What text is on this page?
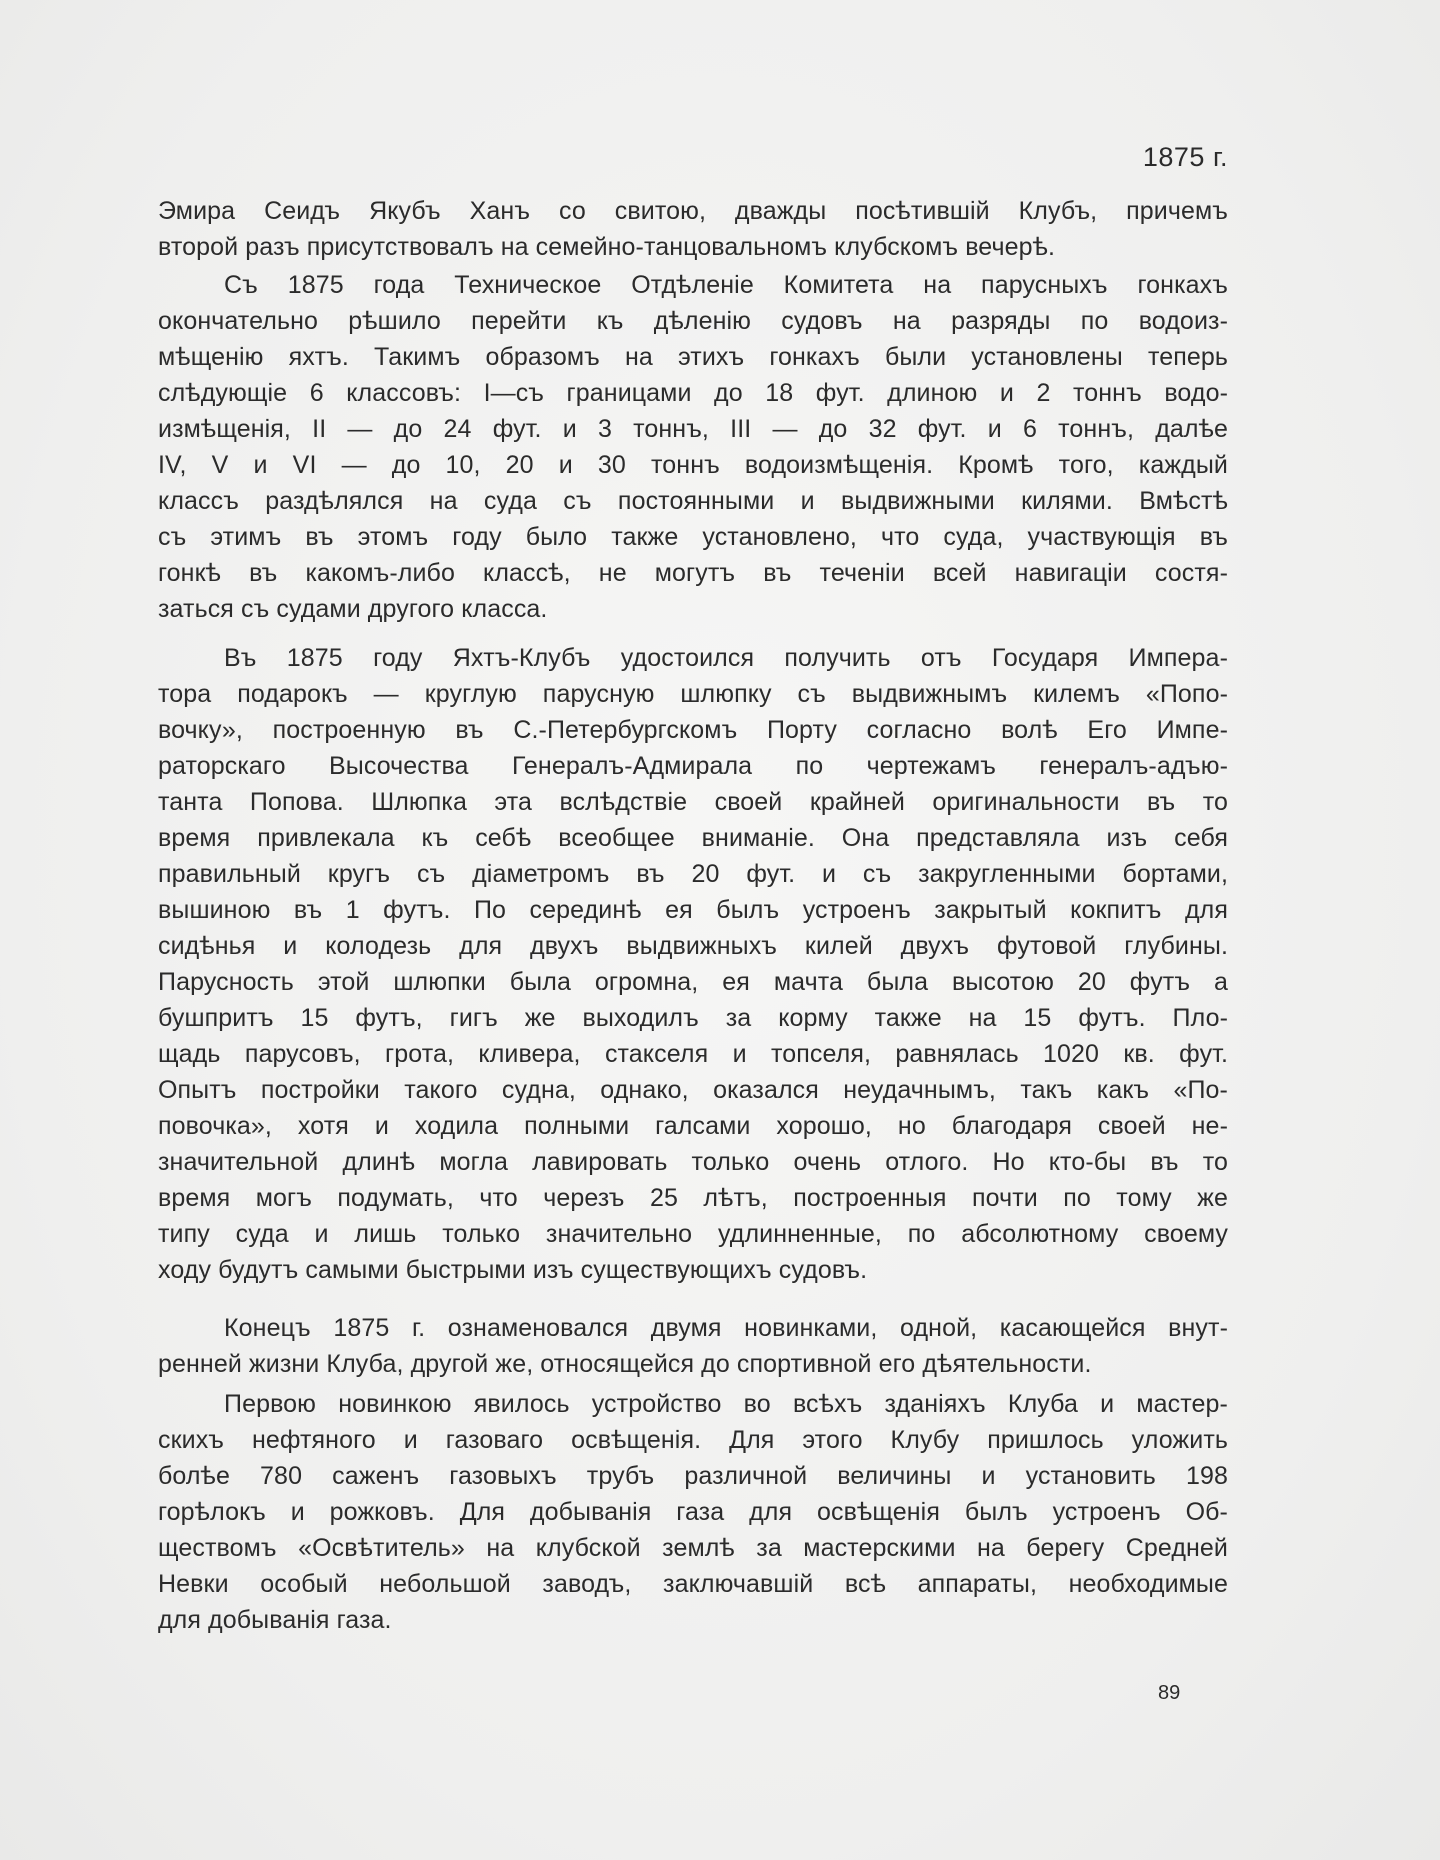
1875 г.
Эмира Сеидъ Якубъ Ханъ со свитою, дважды посѣтившій Клубъ, причемъ
второй разъ присутствовалъ на семейно-танцовальномъ клубскомъ вечерѣ.
Съ 1875 года Техническое Отдѣленіе Комитета на парусныхъ гонкахъ
окончательно рѣшило перейти къ дѣленію судовъ на разряды по водоиз-
мѣщенію яхтъ. Такимъ образомъ на этихъ гонкахъ были установлены теперь
слѣдующіе 6 классовъ: I—съ границами до 18 фут. длиною и 2 тоннъ водо-
измѣщенія, II — до 24 фут. и 3 тоннъ, III — до 32 фут. и 6 тоннъ, далѣе
IV, V и VI — до 10, 20 и 30 тоннъ водоизмѣщенія. Кромѣ того, каждый
классъ раздѣлялся на суда съ постоянными и выдвижными килями. Вмѣстѣ
съ этимъ въ этомъ году было также установлено, что суда, участвующія въ
гонкѣ въ какомъ-либо классѣ, не могутъ въ теченіи всей навигаціи состя-
заться съ судами другого класса.
Въ 1875 году Яхтъ-Клубъ удостоился получить отъ Государя Импера-
тора подарокъ — круглую парусную шлюпку съ выдвижнымъ килемъ «Попо-
вочку», построенную въ С.-Петербургскомъ Порту согласно волѣ Его Импе-
раторскаго Высочества Генералъ-Адмирала по чертежамъ генералъ-адъю-
танта Попова. Шлюпка эта вслѣдствіе своей крайней оригинальности въ то
время привлекала къ себѣ всеобщее вниманіе. Она представляла изъ себя
правильный кругъ съ діаметромъ въ 20 фут. и съ закругленными бортами,
вышиною въ 1 футъ. По серединѣ ея былъ устроенъ закрытый кокпитъ для
сидѣнья и колодезь для двухъ выдвижныхъ килей двухъ футовой глубины.
Парусность этой шлюпки была огромна, ея мачта была высотою 20 футъ а
бушпритъ 15 футъ, гигъ же выходилъ за корму также на 15 футъ. Пло-
щадь парусовъ, грота, кливера, стакселя и топселя, равнялась 1020 кв. фут.
Опытъ постройки такого судна, однако, оказался неудачнымъ, такъ какъ «По-
повочка», хотя и ходила полными галсами хорошо, но благодаря своей не-
значительной длинѣ могла лавировать только очень отлого. Но кто-бы въ то
время могъ подумать, что черезъ 25 лѣтъ, построенныя почти по тому же
типу суда и лишь только значительно удлинненные, по абсолютному своему
ходу будутъ самыми быстрыми изъ существующихъ судовъ.
Конецъ 1875 г. ознаменовался двумя новинками, одной, касающейся внут-
ренней жизни Клуба, другой же, относящейся до спортивной его дѣятельности.
Первою новинкою явилось устройство во всѣхъ зданіяхъ Клуба и мастер-
скихъ нефтяного и газоваго освѣщенія. Для этого Клубу пришлось уложить
болѣе 780 саженъ газовыхъ трубъ различной величины и установить 198
горѣлокъ и рожковъ. Для добыванія газа для освѣщенія былъ устроенъ Об-
ществомъ «Освѣтитель» на клубской землѣ за мастерскими на берегу Средней
Невки особый небольшой заводъ, заключавшій всѣ аппараты, необходимые
для добыванія газа.
89
